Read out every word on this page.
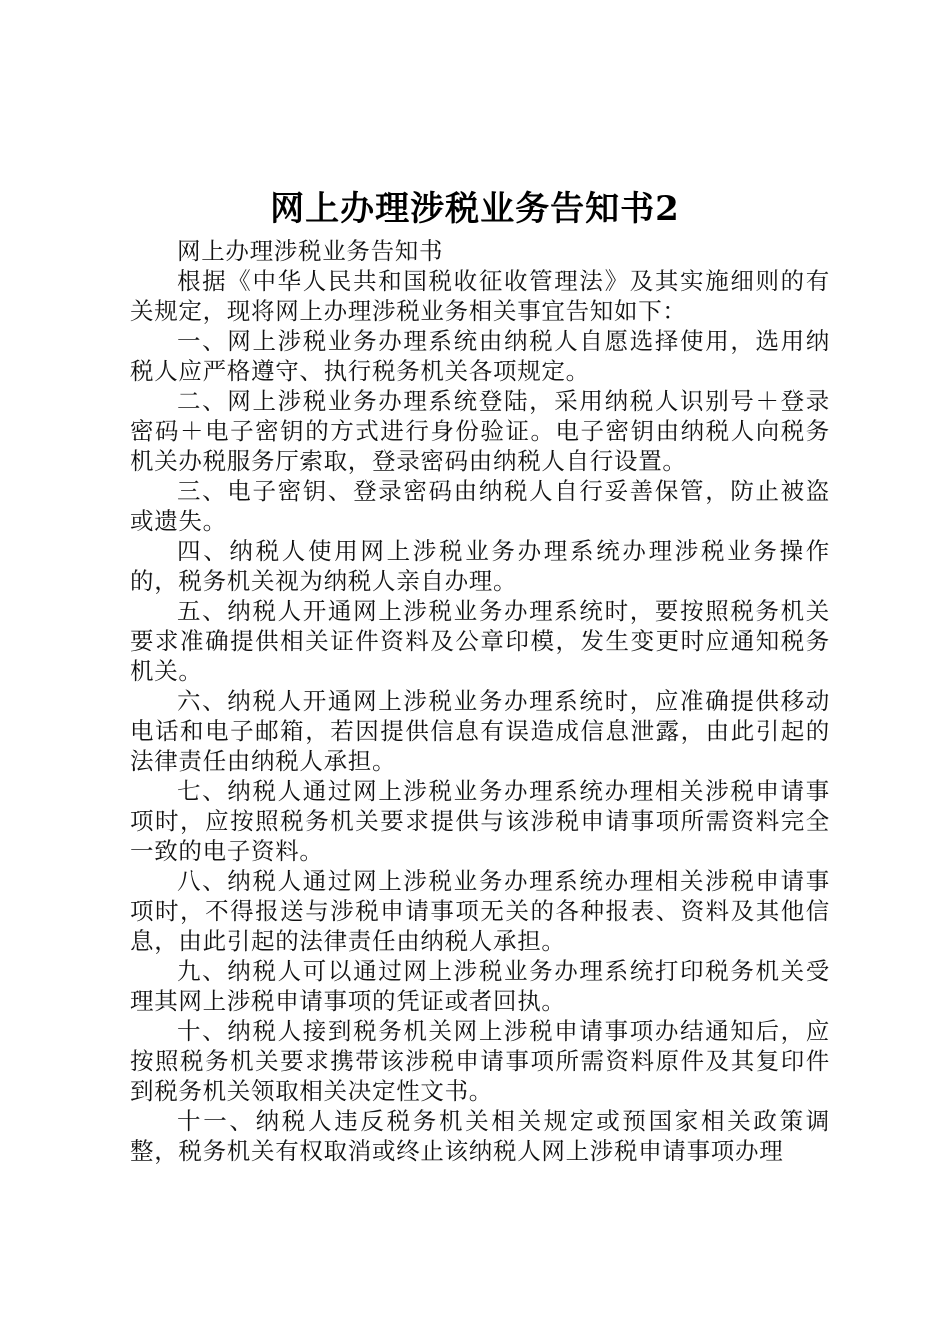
网上办理涉税业务告知书2

网上办理涉税业务告知书

根据《中华人民共和国税收征收管理法》及其实施细则的有关规定，现将网上办理涉税业务相关事宜告知如下：

一、网上涉税业务办理系统由纳税人自愿选择使用，选用纳税人应严格遵守、执行税务机关各项规定。

二、网上涉税业务办理系统登陆，采用纳税人识别号＋登录密码＋电子密钥的方式进行身份验证。电子密钥由纳税人向税务机关办税服务厅索取，登录密码由纳税人自行设置。

三、电子密钥、登录密码由纳税人自行妥善保管，防止被盗或遗失。

四、纳税人使用网上涉税业务办理系统办理涉税业务操作的，税务机关视为纳税人亲自办理。

五、纳税人开通网上涉税业务办理系统时，要按照税务机关要求准确提供相关证件资料及公章印模，发生变更时应通知税务机关。

六、纳税人开通网上涉税业务办理系统时，应准确提供移动电话和电子邮箱，若因提供信息有误造成信息泄露，由此引起的法律责任由纳税人承担。

七、纳税人通过网上涉税业务办理系统办理相关涉税申请事项时，应按照税务机关要求提供与该涉税申请事项所需资料完全一致的电子资料。

八、纳税人通过网上涉税业务办理系统办理相关涉税申请事项时，不得报送与涉税申请事项无关的各种报表、资料及其他信息，由此引起的法律责任由纳税人承担。

九、纳税人可以通过网上涉税业务办理系统打印税务机关受理其网上涉税申请事项的凭证或者回执。

十、纳税人接到税务机关网上涉税申请事项办结通知后，应按照税务机关要求携带该涉税申请事项所需资料原件及其复印件到税务机关领取相关决定性文书。

十一、纳税人违反税务机关相关规定或预国家相关政策调整，税务机关有权取消或终止该纳税人网上涉税申请事项办理
